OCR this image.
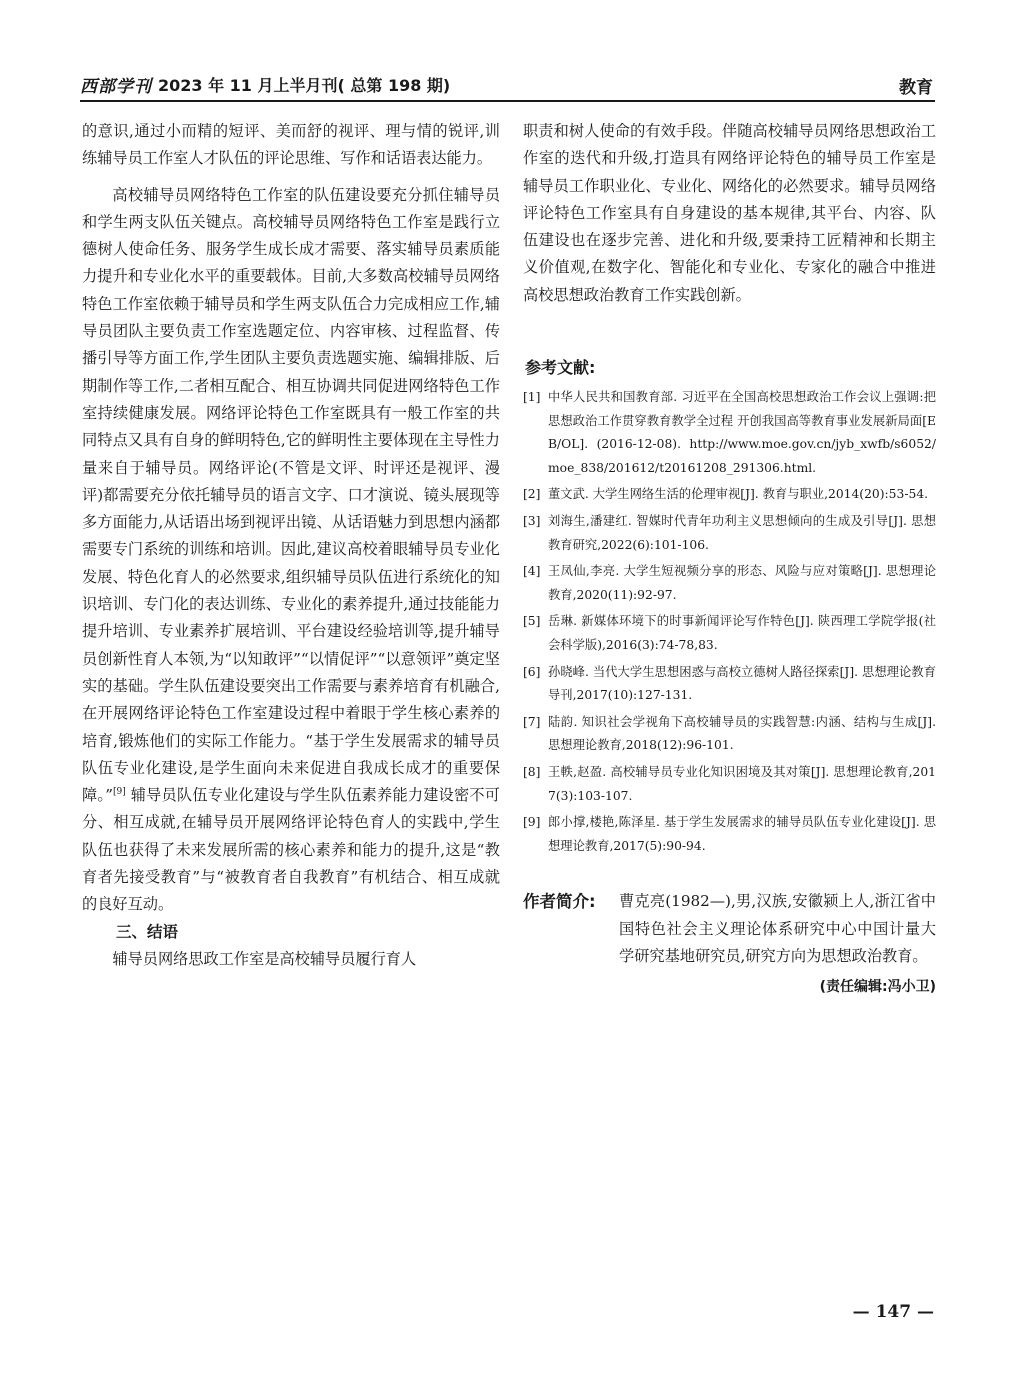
西部学刊 2023 年 11 月上半月刊( 总第 198 期)	教育

的意识,通过小而精的短评、美而舒的视评、理与情的锐评,训练辅导员工作室人才队伍的评论思维、写作和话语表达能力。

高校辅导员网络特色工作室的队伍建设要充分抓住辅导员和学生两支队伍关键点。高校辅导员网络特色工作室是践行立德树人使命任务、服务学生成长成才需要、落实辅导员素质能力提升和专业化水平的重要载体。目前,大多数高校辅导员网络特色工作室依赖于辅导员和学生两支队伍合力完成相应工作,辅导员团队主要负责工作室选题定位、内容审核、过程监督、传播引导等方面工作,学生团队主要负责选题实施、编辑排版、后期制作等工作,二者相互配合、相互协调共同促进网络特色工作室持续健康发展。网络评论特色工作室既具有一般工作室的共同特点又具有自身的鲜明特色,它的鲜明性主要体现在主导性力量来自于辅导员。网络评论(不管是文评、时评还是视评、漫评)都需要充分依托辅导员的语言文字、口才演说、镜头展现等多方面能力,从话语出场到视评出镜、从话语魅力到思想内涵都需要专门系统的训练和培训。因此,建议高校着眼辅导员专业化发展、特色化育人的必然要求,组织辅导员队伍进行系统化的知识培训、专门化的表达训练、专业化的素养提升,通过技能能力提升培训、专业素养扩展培训、平台建设经验培训等,提升辅导员创新性育人本领,为“以知敢评”“以情促评”“以意领评”奠定坚实的基础。学生队伍建设要突出工作需要与素养培育有机融合,在开展网络评论特色工作室建设过程中着眼于学生核心素养的培育,锻炼他们的实际工作能力。“基于学生发展需求的辅导员队伍专业化建设,是学生面向未来促进自我成长成才的重要保障。”[9] 辅导员队伍专业化建设与学生队伍素养能力建设密不可分、相互成就,在辅导员开展网络评论特色育人的实践中,学生队伍也获得了未来发展所需的核心素养和能力的提升,这是“教育者先接受教育”与“被教育者自我教育”有机结合、相互成就的良好互动。

三、结语

辅导员网络思政工作室是高校辅导员履行育人

职责和树人使命的有效手段。伴随高校辅导员网络思想政治工作室的迭代和升级,打造具有网络评论特色的辅导员工作室是辅导员工作职业化、专业化、网络化的必然要求。辅导员网络评论特色工作室具有自身建设的基本规律,其平台、内容、队伍建设也在逐步完善、进化和升级,要秉持工匠精神和长期主义价值观,在数字化、智能化和专业化、专家化的融合中推进高校思想政治教育工作实践创新。

参考文献:
[1] 中华人民共和国教育部. 习近平在全国高校思想政治工作会议上强调:把思想政治工作贯穿教育教学全过程 开创我国高等教育事业发展新局面[EB/OL]. (2016-12-08). http://www.moe.gov.cn/jyb_xwfb/s6052/moe_838/201612/t20161208_291306.html.
[2] 董文武. 大学生网络生活的伦理审视[J]. 教育与职业,2014(20):53-54.
[3] 刘海生,潘建红. 智媒时代青年功利主义思想倾向的生成及引导[J]. 思想教育研究,2022(6):101-106.
[4] 王凤仙,李亮. 大学生短视频分享的形态、风险与应对策略[J]. 思想理论教育,2020(11):92-97.
[5] 岳琳. 新媒体环境下的时事新闻评论写作特色[J]. 陕西理工学院学报(社会科学版),2016(3):74-78,83.
[6] 孙晓峰. 当代大学生思想困惑与高校立德树人路径探索[J]. 思想理论教育导刊,2017(10):127-131.
[7] 陆韵. 知识社会学视角下高校辅导员的实践智慧:内涵、结构与生成[J]. 思想理论教育,2018(12):96-101.
[8] 王軼,赵盈. 高校辅导员专业化知识困境及其对策[J]. 思想理论教育,2017(3):103-107.
[9] 郎小撑,楼艳,陈泽星. 基于学生发展需求的辅导员队伍专业化建设[J]. 思想理论教育,2017(5):90-94.
作者简介: 曹克亮(1982—),男,汉族,安徽颍上人,浙江省中国特色社会主义理论体系研究中心中国计量大学研究基地研究员,研究方向为思想政治教育。
(责任编辑:冯小卫)
— 147 —
